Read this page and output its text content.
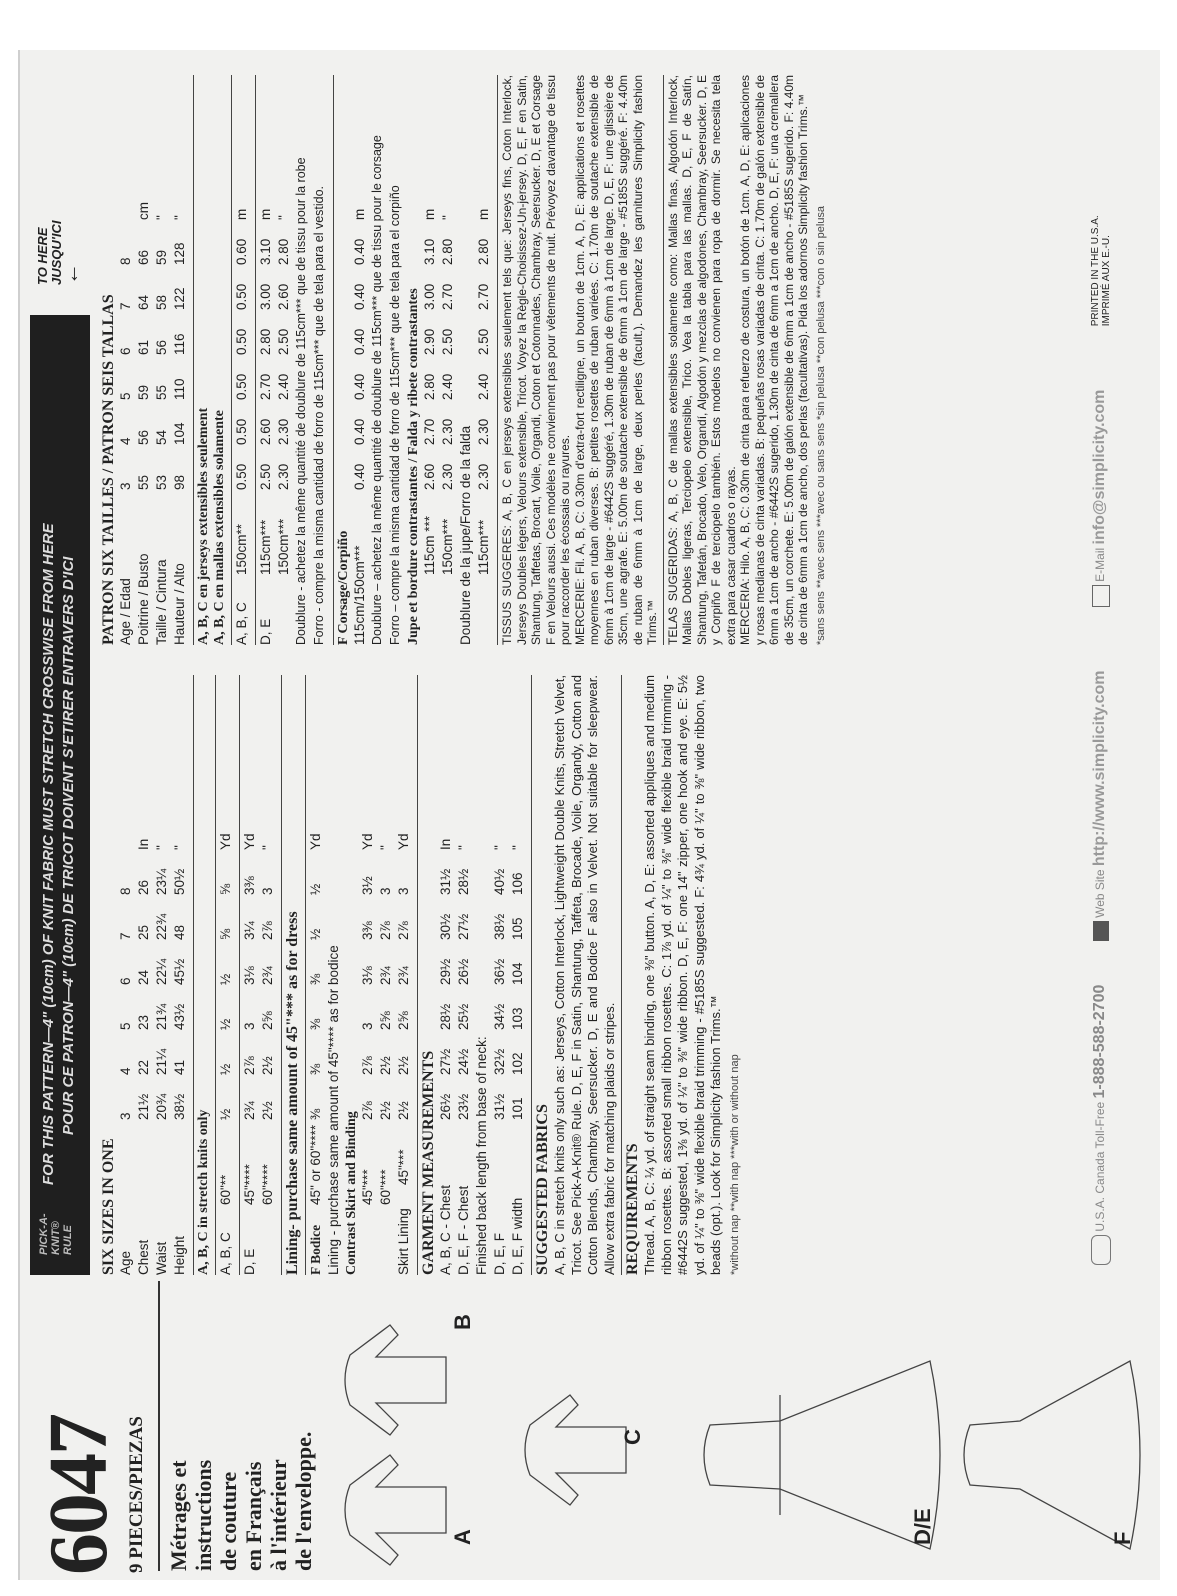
6047 9 PIECES/PIEZAS Métrages et instructions de couture en Français à l'intérieur de l'enveloppe.	A
B
C
D/E	F
PICK-A-KNIT® RULE
FOR THIS PATTERN—4" (10cm) OF KNIT FABRIC MUST STRETCH CROSSWISE FROM HERE POUR CE PATRON—4" (10cm) DE TRICOT DOIVENT S'ETIRER ENTRAVERS D'ICI
TO HERE JUSQU'ICI
←
SIX SIZES IN ONE Age
3
4
5
6
7
8
Chest
21½
22
23
24
25
26
In
Waist
20¾
21¼
21¾
22¼
22¾
23¼
"
Height
38½
41
43½
45½
48
50½
"
A, B, C in stretch knits only A, B, C
60"**
½
½
½
½
⅝
⅝
Yd
D, E
45"****
2¾
2⅞
3
3⅛
3¼
3⅜
Yd
60"****
2½
2½
2⅝
2¾
2⅞
3
"
Lining- purchase same amount of 45"*** as for dress F Bodice
45" or 60"****
⅜
⅜
⅜
⅜
½
½
Yd
Lining - purchase same amount of 45"**** as for bodice Contrast Skirt and Binding 45"***
2⅞
2⅞
3
3⅛
3⅜
3½
Yd
60"***
2½
2½
2⅝
2¾
2⅞
3
"
Skirt Lining
45"***
2½
2½
2⅝
2¾
2⅞
3
Yd
GARMENT MEASUREMENTS A, B, C - Chest
26½
27½
28½
29½
30½
31½
In
D, E, F - Chest
23½
24½
25½
26½
27½
28½
"
Finished back length from base of neck: D, E, F
31½
32½
34½
36½
38½
40½
"
D, E, F width
101
102
103
104
105
106
"
SUGGESTED FABRICS A, B, C in stretch knits only such as: Jerseys, Cotton Interlock, Lightweight Double Knits, Stretch Velvet, Tricot. See Pick-A-Knit® Rule. D, E, F in Satin, Shantung, Taffeta, Brocade, Voile, Organdy, Cotton and Cotton Blends, Chambray, Seersucker. D, E and Bodice F also in Velvet. Not suitable for sleepwear. Allow extra fabric for matching plaids or stripes. REQUIREMENTS Thread. A, B, C: ¼ yd. of straight seam binding, one ⅜" button. A, D, E: assorted appliques and medium ribbon rosettes. B: assorted small ribbon rosettes. C: 1⅞ yd. of ¼" to ⅜" wide flexible braid trimming - #6442S suggested, 1⅜ yd. of ¼" to ⅜" wide ribbon. D, E, F: one 14" zipper, one hook and eye. E: 5½ yd. of ¼" to ⅜" wide flexible braid trimming - #5185S suggested. F: 4¾ yd. of ¼" to ⅜" wide ribbon, two beads (opt.). Look for Simplicity fashion Trims.™ *without nap **with nap ***with or without nap
PATRON SIX TAILLES / PATRON SEIS TALLAS Age / Edad
3
4
5
6
7
8
Poitrine / Busto
55
56
59
61
64
66
cm
Taille / Cintura
53
54
55
56
58
59
"
Hauteur / Alto
98
104
110
116
122
128
"
A, B, C en jerseys extensibles seulement A, B, C en mallas extensibles solamente A, B, C
150cm**
0.50
0.50
0.50
0.50
0.50
0.60
m
D, E
115cm***
2.50
2.60
2.70
2.80
3.00
3.10
m
150cm***
2.30
2.30
2.40
2.50
2.60
2.80
" Doublure - achetez la même quantité de doublure de 115cm*** que de tissu pour la robe Forro - compre la misma cantidad de forro de 115cm*** que de tela para el vestido. F Corsage/Corpiño 115cm/150cm***
0.40
0.40
0.40
0.40
0.40
0.40
m Doublure – achetez la même quantité de doublure de 115cm*** que de tissu pour le corsage Forro – compre la misma cantidad de forro de 115cm*** que de tela para el corpiño Jupe et bordure contrastantes / Falda y ribete contrastantes 115cm ***
2.60
2.70
2.80
2.90
3.00
3.10
m
150cm***
2.30
2.30
2.40
2.50
2.70
2.80
"
Doublure de la jupe/Forro de la falda 115cm***
2.30
2.30
2.40
2.50
2.70
2.80
m TISSUS SUGGERES: A, B, C en jerseys extensibles seulement tels que: Jerseys fins, Coton Interlock, Jerseys Doubles légers, Velours extensible, Tricot. Voyez la Règle-Choisissez-Un-jersey. D, E, F en Satin, Shantung, Taffetas, Brocart, Voile, Organdi, Coton et Cotonnades, Chambray, Seersucker. D, E et Corsage F en Velours aussi. Ces modèles ne conviennent pas pour vêtements de nuit. Prévoyez davantage de tissu pour raccorder les écossais ou rayures. MERCERIE: Fil. A, B, C: 0.30m d'extra-fort rectiligne, un bouton de 1cm. A, D, E: applications et rosettes moyennes en ruban diverses. B: petites rosettes de ruban variées. C: 1.70m de soutache extensible de 6mm à 1cm de large - #6442S suggéré, 1.30m de ruban de 6mm à 1cm de large. D, E, F: une glissière de 35cm, une agrafe. E: 5.00m de soutache extensible de 6mm à 1cm de large - #5185S suggéré. F: 4.40m de ruban de 6mm à 1cm de large, deux perles (facult.). Demandez les garnitures Simplicity fashion Trims.™ TELAS SUGERIDAS: A, B, C de mallas extensibles solamente como: Mallas finas, Algodón Interlock, Mallas Dobles ligeras, Terciopelo extensible, Trico. Vea la tabla para las mallas. D, E, F de Satín, Shantung, Tafetán, Brocado, Velo, Organdí, Algodón y mezclas de algodones, Chambray, Seersucker. D, E y Corpiño F de terciopelo también. Estos modelos no convienen para ropa de dormir. Se necesita tela extra para casar cuadros o rayas. MERCERIA: Hilo. A, B, C: 0.30m de cinta para refuerzo de costura, un botón de 1cm. A, D, E: aplicaciones y rosas medianas de cinta variadas. B: pequeñas rosas variadas de cinta. C: 1.70m de galón extensible de 6mm a 1cm de ancho - #6442S sugerido, 1.30m de cinta de 6mm a 1cm de ancho. D, E, F: una cremallera de 35cm, un corchete. E: 5.00m de galón extensible de 6mm a 1cm de ancho - #5185S sugerido. F: 4.40m de cinta de 6mm a 1cm de ancho, dos perlas (facultativas). Pida los adornos Simplicity fashion Trims.™ *sans sens **avec sens ***avec ou sans sens *sin pelusa **con pelusa ***con o sin pelusa
U.S.A. Canada Toll-Free 1-888-588-2700  Web Site http://www.simplicity.com  E-Mail info@simplicity.com PRINTED IN THE U.S.A.
IMPRIMÉ AUX E.-U.
